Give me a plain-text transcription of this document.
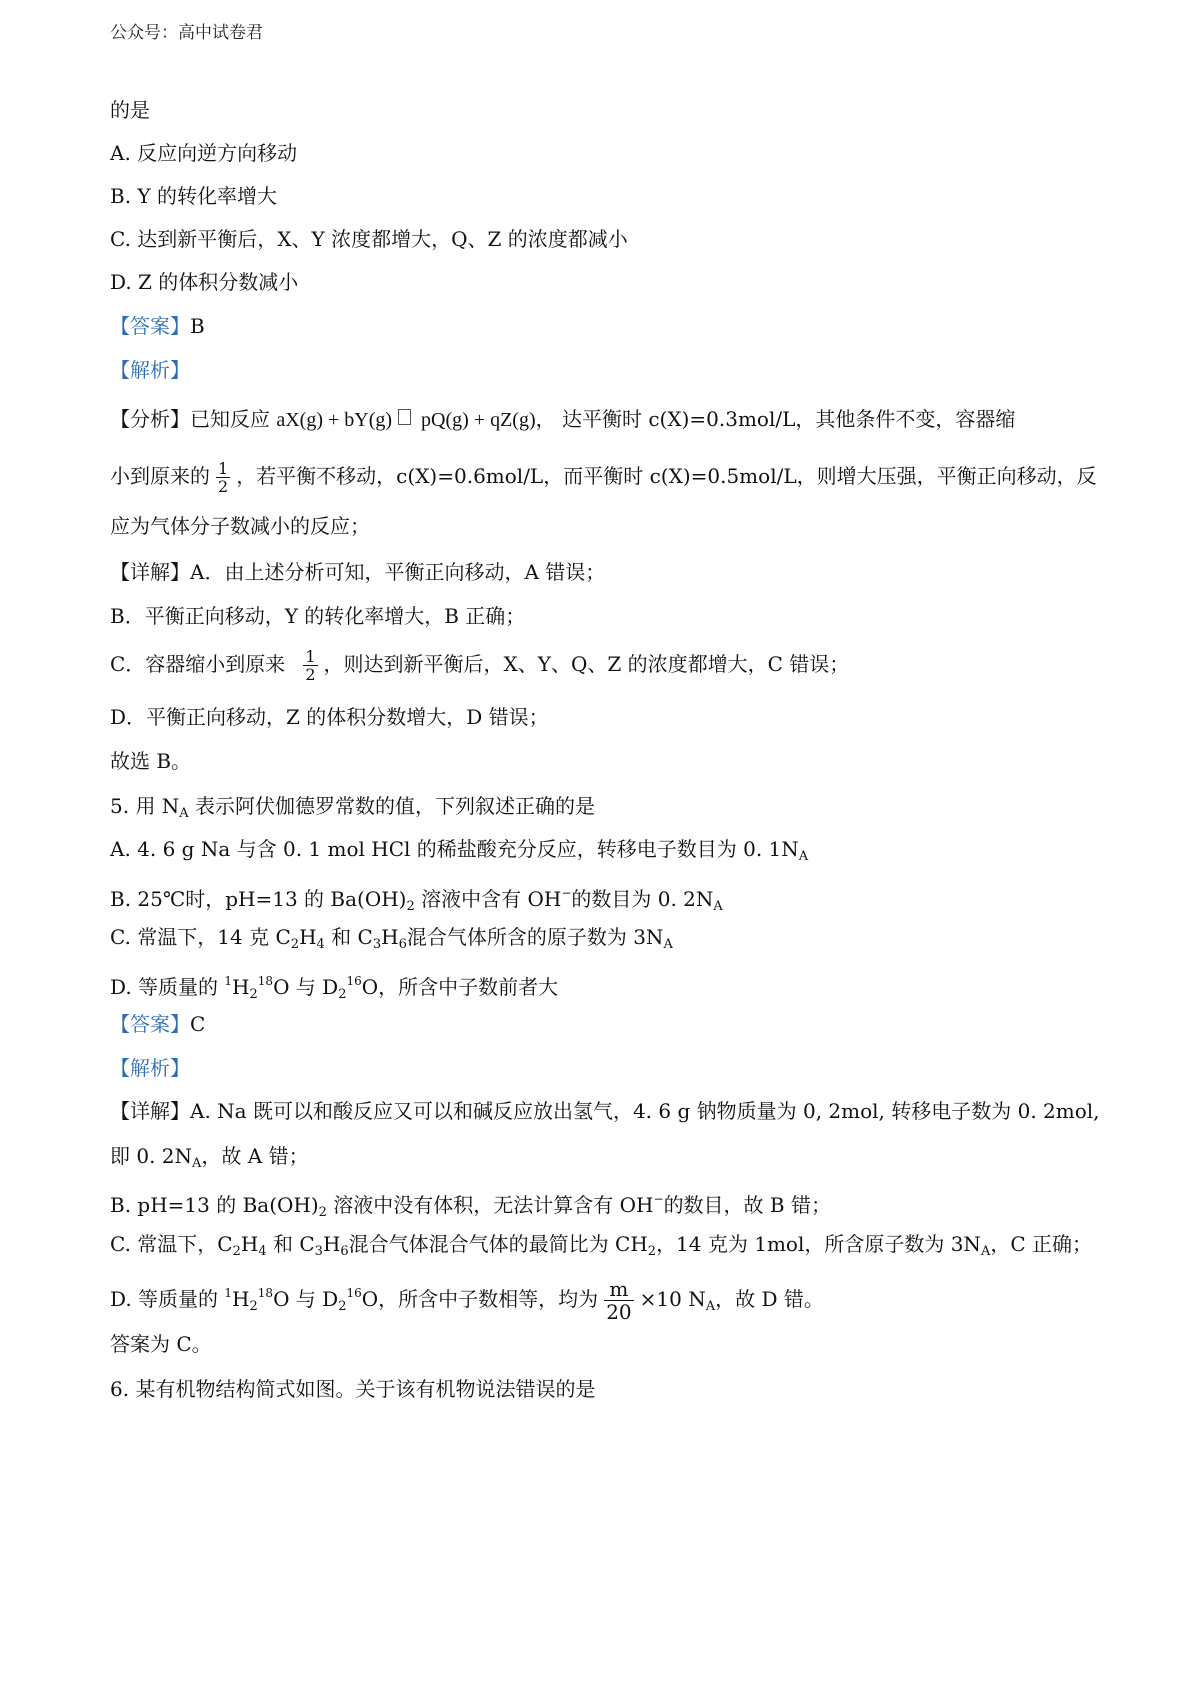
公众号：高中试卷君
的是
A. 反应向逆方向移动
B. Y 的转化率增大
C. 达到新平衡后，X、Y 浓度都增大，Q、Z 的浓度都减小
D. Z 的体积分数减小
【答案】B
【解析】
【分析】已知反应 aX(g) + bY(g) pQ(g) + qZ(g)， 达平衡时 c(X)=0.3mol/L，其他条件不变，容器缩
小到原来的 $\frac{1}{2}$ ，若平衡不移动，c(X)=0.6mol/L，而平衡时 c(X)=0.5mol/L，则增大压强，平衡正向移动，反
应为气体分子数减小的反应；
【详解】A．由上述分析可知，平衡正向移动，A 错误；
B．平衡正向移动，Y 的转化率增大，B 正确；
C．容器缩小到原来 $\frac{1}{2}$ ，则达到新平衡后，X、Y、Q、Z 的浓度都增大，C 错误；
D．平衡正向移动，Z 的体积分数增大，D 错误；
故选 B。
5. 用 $N_A$ 表示阿伏伽德罗常数的值，下列叙述正确的是
A. 4. 6 g Na 与含 0. 1 mol HCl 的稀盐酸充分反应，转移电子数目为 0. $1N_A$
B. 25℃时，pH=13 的 $Ba(OH)_2$ 溶液中含有 OH−的数目为 0. $2N_A$
C. 常温下，14 克 $C_2H_4$ 和 $C_3H_6$混合气体所含的原子数为 $3N_A$
D. 等质量的 $^1H_2^{18}O$ 与 $D_2^{16}O$，所含中子数前者大
【答案】C
【解析】
【详解】A. Na 既可以和酸反应又可以和碱反应放出氢气，4. 6 g 钠物质量为 0, 2mol, 转移电子数为 0. 2mol,
即 0. $2N_A$，故 A 错；
B. pH=13 的 $Ba(OH)_2$ 溶液中没有体积，无法计算含有 OH−的数目，故 B 错；
C. 常温下，$C_2H_4$ 和 $C_3H_6$混合气体混合气体的最简比为 $CH_2$，14 克为 1mol，所含原子数为 $3N_A$，C 正确；
D. 等质量的 $^1H_2^{18}O$ 与 $D_2^{16}O$，所含中子数相等，均为 $\frac{m}{20} \times 10$ $N_A$，故 D 错。
答案为 C。
6. 某有机物结构简式如图。关于该有机物说法错误的是
